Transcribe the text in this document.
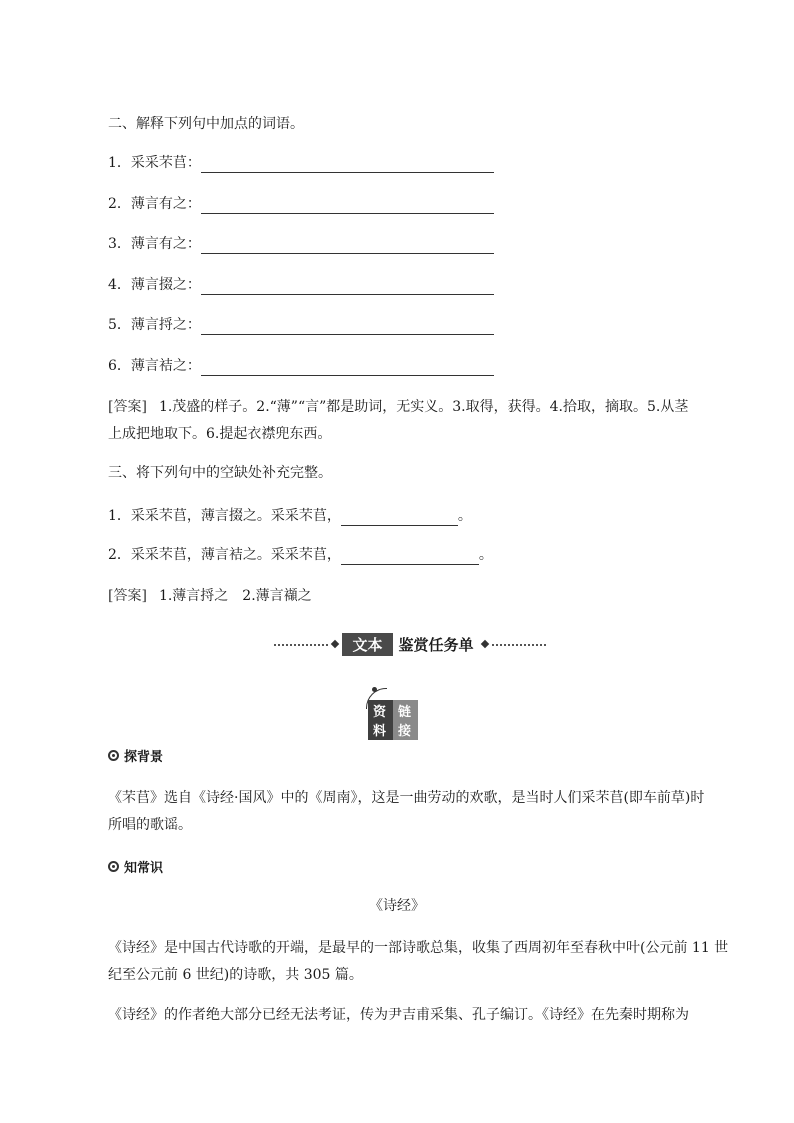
二、解释下列句中加点的词语。
1．采采芣苢：
2．薄言有之：
3．薄言有之：
4．薄言掇之：
5．薄言捋之：
6．薄言袺之：
[答案] 1.茂盛的样子。2.“薄”“言”都是助词，无实义。3.取得，获得。4.拾取，摘取。5.从茎
上成把地取下。6.提起衣襟兜东西。
三、将下列句中的空缺处补充完整。
1．采采芣苢，薄言掇之。采采芣苢，	。
2．采采芣苢，薄言袺之。采采芣苢，	。
[答案] 1.薄言捋之　2.薄言襭之
文本	鉴赏任务单
资料
链接
探背景
《芣苢》选自《诗经·国风》中的《周南》，这是一曲劳动的欢歌，是当时人们采芣苢(即车前草)时
所唱的歌谣。
知常识
《诗经》
《诗经》是中国古代诗歌的开端，是最早的一部诗歌总集，收集了西周初年至春秋中叶(公元前 11 世
纪至公元前 6 世纪)的诗歌，共 305 篇。
《诗经》的作者绝大部分已经无法考证，传为尹吉甫采集、孔子编订。《诗经》在先秦时期称为
